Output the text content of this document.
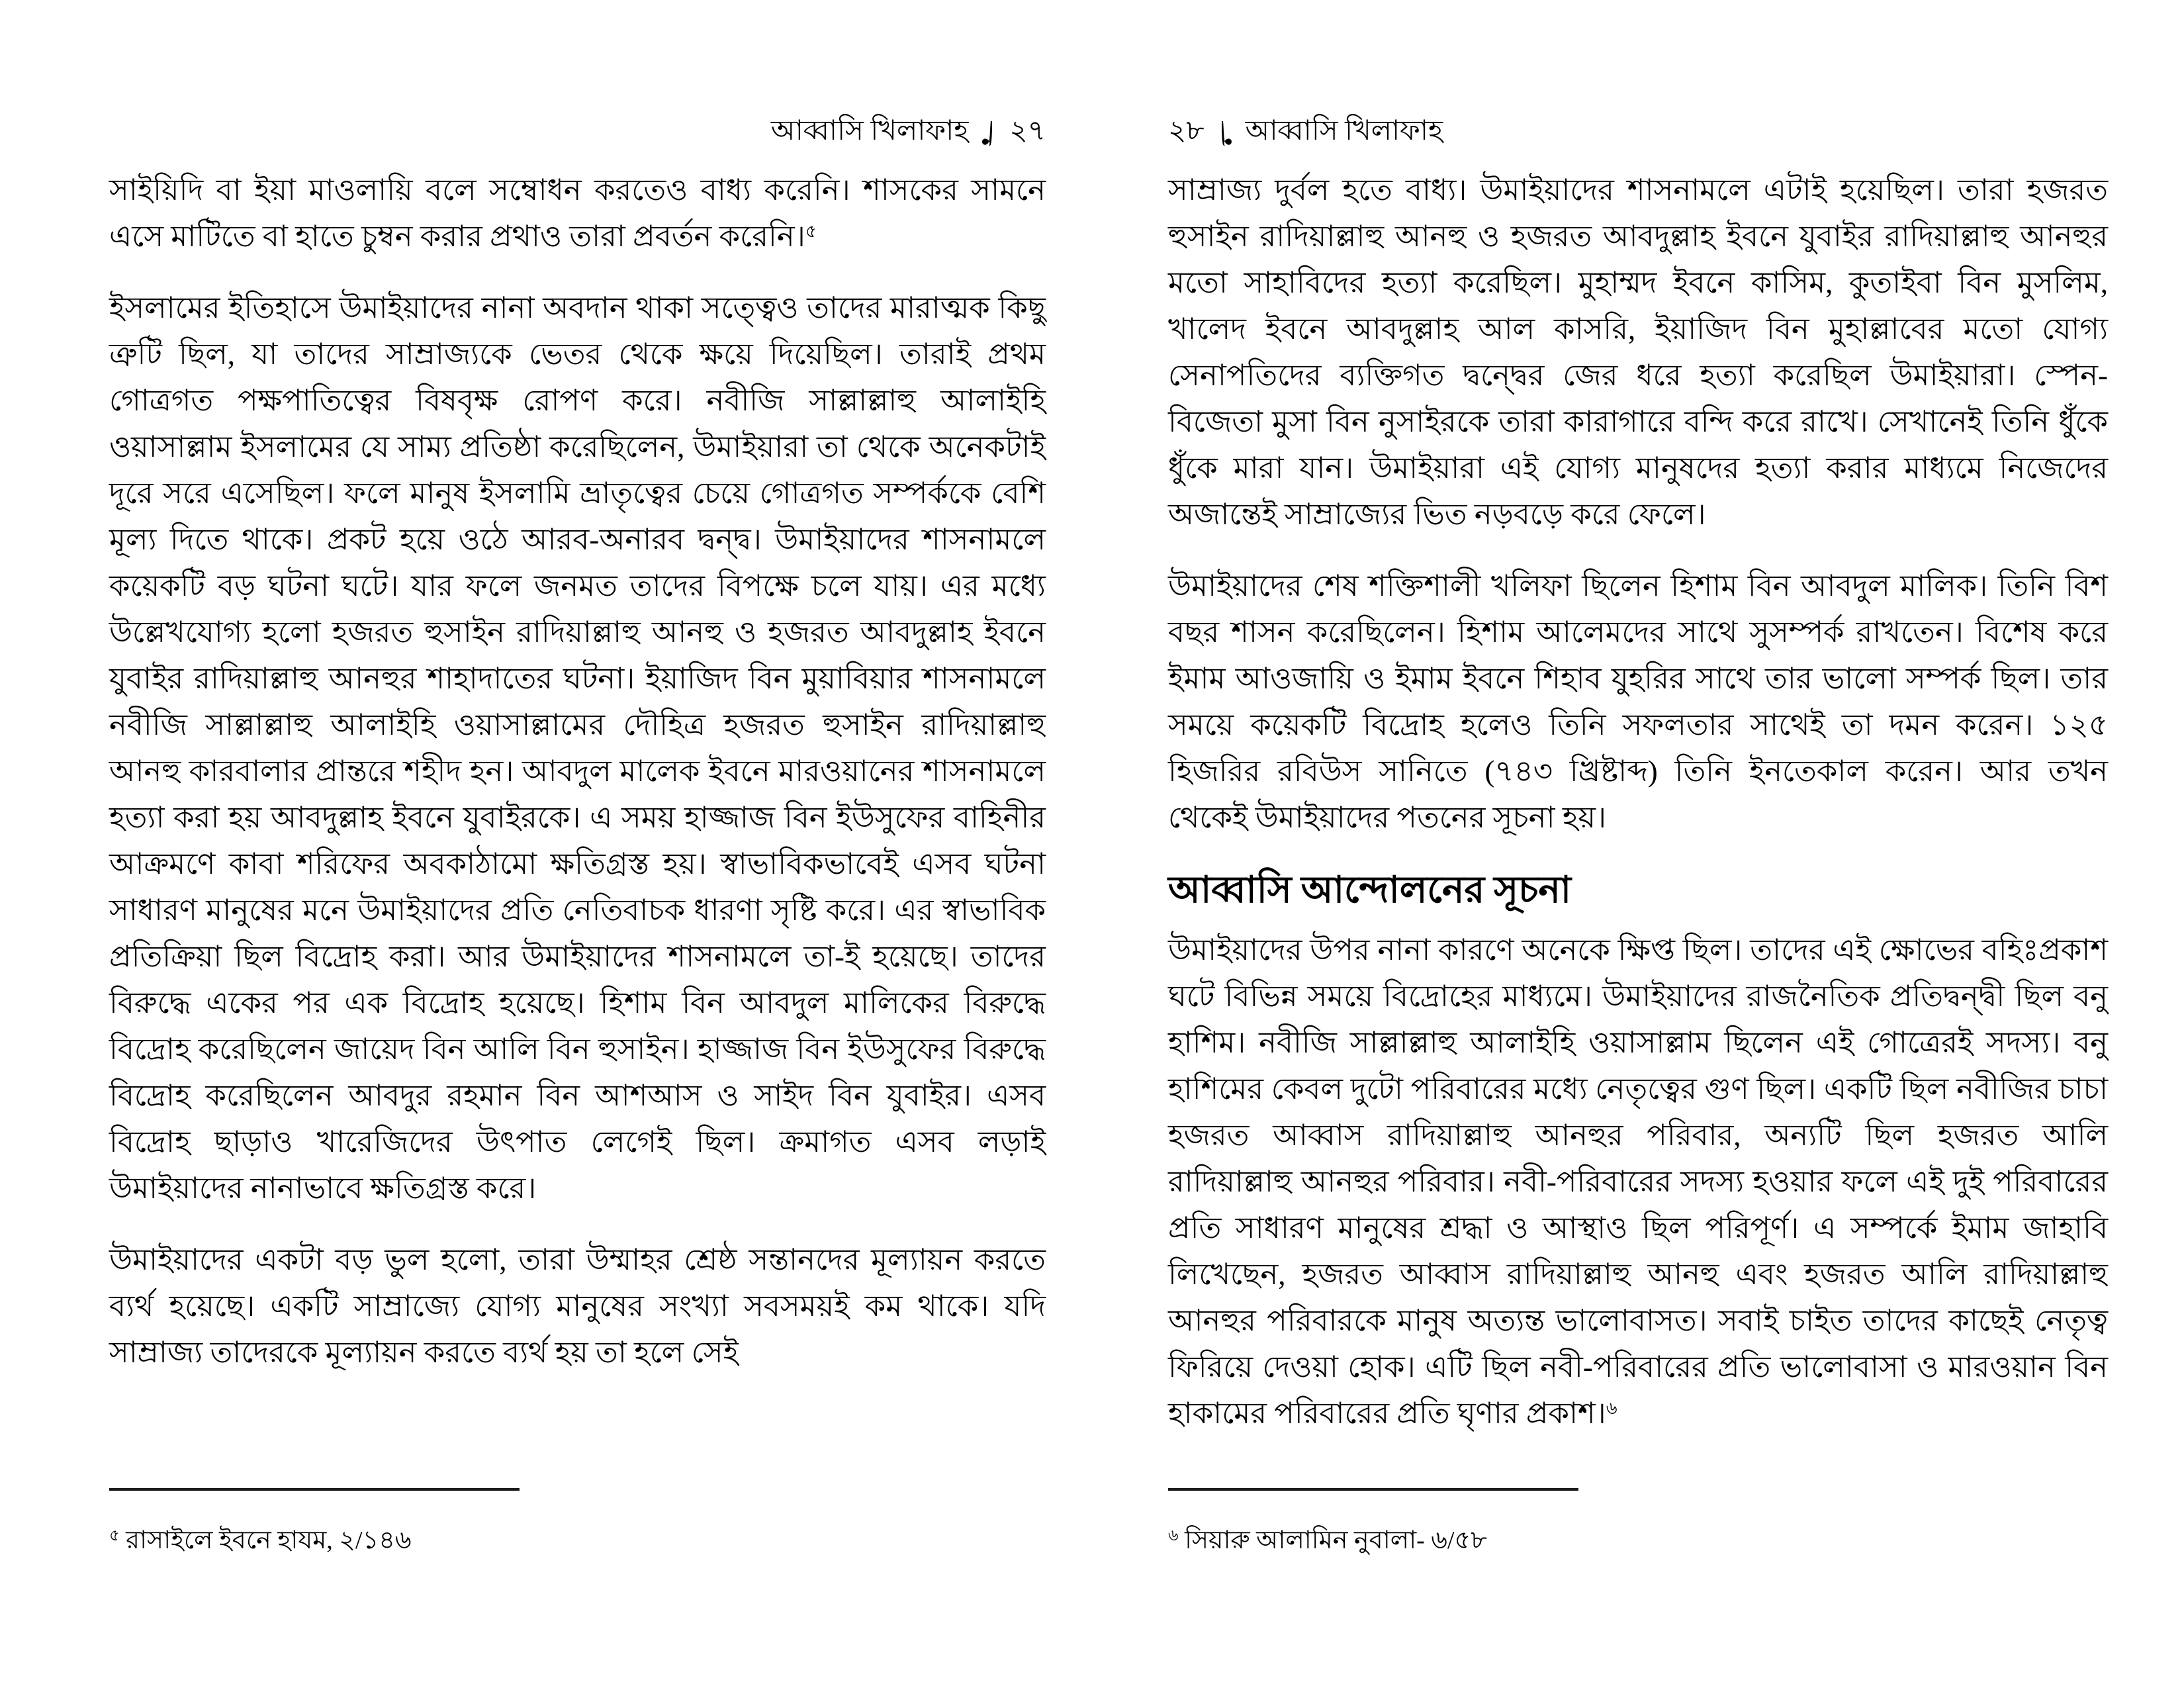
আব্বাসি খিলাফাহ ২৭

সাইয়িদি বা ইয়া মাওলায়ি বলে সম্বোধন করতেও বাধ্য করেনি। শাসকের সামনে এসে মাটিতে বা হাতে চুম্বন করার প্রথাও তারা প্রবর্তন করেনি।$^৫$

ইসলামের ইতিহাসে উমাইয়াদের নানা অবদান থাকা সত্ত্বেও তাদের মারাত্মক কিছু ত্রুটি ছিল, যা তাদের সাম্রাজ্যকে ভেতর থেকে ক্ষয়ে দিয়েছিল। তারাই প্রথম গোত্রগত পক্ষপাতিত্বের বিষবৃক্ষ রোপণ করে। নবীজি সাল্লাল্লাহু আলাইহি ওয়াসাল্লাম ইসলামের যে সাম্য প্রতিষ্ঠা করেছিলেন, উমাইয়ারা তা থেকে অনেকটাই দূরে সরে এসেছিল। ফলে মানুষ ইসলামি ভ্রাতৃত্বের চেয়ে গোত্রগত সম্পর্ককে বেশি মূল্য দিতে থাকে। প্রকট হয়ে ওঠে আরব-অনারব দ্বন্দ্ব। উমাইয়াদের শাসনামলে কয়েকটি বড় ঘটনা ঘটে। যার ফলে জনমত তাদের বিপক্ষে চলে যায়। এর মধ্যে উল্লেখযোগ্য হলো হজরত হুসাইন রাদিয়াল্লাহু আনহু ও হজরত আবদুল্লাহ ইবনে যুবাইর রাদিয়াল্লাহু আনহুর শাহাদাতের ঘটনা। ইয়াজিদ বিন মুয়াবিয়ার শাসনামলে নবীজি সাল্লাল্লাহু আলাইহি ওয়াসাল্লামের দৌহিত্র হজরত হুসাইন রাদিয়াল্লাহু আনহু কারবালার প্রান্তরে শহীদ হন। আবদুল মালেক ইবনে মারওয়ানের শাসনামলে হত্যা করা হয় আবদুল্লাহ ইবনে যুবাইরকে। এ সময় হাজ্জাজ বিন ইউসুফের বাহিনীর আক্রমণে কাবা শরিফের অবকাঠামো ক্ষতিগ্রস্ত হয়। স্বাভাবিকভাবেই এসব ঘটনা সাধারণ মানুষের মনে উমাইয়াদের প্রতি নেতিবাচক ধারণা সৃষ্টি করে। এর স্বাভাবিক প্রতিক্রিয়া ছিল বিদ্রোহ করা। আর উমাইয়াদের শাসনামলে তা-ই হয়েছে। তাদের বিরুদ্ধে একের পর এক বিদ্রোহ হয়েছে। হিশাম বিন আবদুল মালিকের বিরুদ্ধে বিদ্রোহ করেছিলেন জায়েদ বিন আলি বিন হুসাইন। হাজ্জাজ বিন ইউসুফের বিরুদ্ধে বিদ্রোহ করেছিলেন আবদুর রহমান বিন আশআস ও সাইদ বিন যুবাইর। এসব বিদ্রোহ ছাড়াও খারেজিদের উৎপাত লেগেই ছিল। ক্রমাগত এসব লড়াই উমাইয়াদের নানাভাবে ক্ষতিগ্রস্ত করে।

উমাইয়াদের একটা বড় ভুল হলো, তারা উম্মাহর শ্রেষ্ঠ সন্তানদের মূল্যায়ন করতে ব্যর্থ হয়েছে। একটি সাম্রাজ্যে যোগ্য মানুষের সংখ্যা সবসময়ই কম থাকে। যদি সাম্রাজ্য তাদেরকে মূল্যায়ন করতে ব্যর্থ হয় তা হলে সেই

$^৫$ রাসাইলে ইবনে হাযম, ২/১৪৬

২৮ আব্বাসি খিলাফাহ

সাম্রাজ্য দুর্বল হতে বাধ্য। উমাইয়াদের শাসনামলে এটাই হয়েছিল। তারা হজরত হুসাইন রাদিয়াল্লাহু আনহু ও হজরত আবদুল্লাহ ইবনে যুবাইর রাদিয়াল্লাহু আনহুর মতো সাহাবিদের হত্যা করেছিল। মুহাম্মদ ইবনে কাসিম, কুতাইবা বিন মুসলিম, খালেদ ইবনে আবদুল্লাহ আল কাসরি, ইয়াজিদ বিন মুহাল্লাবের মতো যোগ্য সেনাপতিদের ব্যক্তিগত দ্বন্দ্বের জের ধরে হত্যা করেছিল উমাইয়ারা। স্পেন-বিজেতা মুসা বিন নুসাইরকে তারা কারাগারে বন্দি করে রাখে। সেখানেই তিনি ধুঁকে ধুঁকে মারা যান। উমাইয়ারা এই যোগ্য মানুষদের হত্যা করার মাধ্যমে নিজেদের অজান্তেই সাম্রাজ্যের ভিত নড়বড়ে করে ফেলে।

উমাইয়াদের শেষ শক্তিশালী খলিফা ছিলেন হিশাম বিন আবদুল মালিক। তিনি বিশ বছর শাসন করেছিলেন। হিশাম আলেমদের সাথে সুসম্পর্ক রাখতেন। বিশেষ করে ইমাম আওজায়ি ও ইমাম ইবনে শিহাব যুহরির সাথে তার ভালো সম্পর্ক ছিল। তার সময়ে কয়েকটি বিদ্রোহ হলেও তিনি সফলতার সাথেই তা দমন করেন। ১২৫ হিজরির রবিউস সানিতে (৭৪৩ খ্রিষ্টাব্দ) তিনি ইনতেকাল করেন। আর তখন থেকেই উমাইয়াদের পতনের সূচনা হয়।

আব্বাসি আন্দোলনের সূচনা

উমাইয়াদের উপর নানা কারণে অনেকে ক্ষিপ্ত ছিল। তাদের এই ক্ষোভের বহিঃপ্রকাশ ঘটে বিভিন্ন সময়ে বিদ্রোহের মাধ্যমে। উমাইয়াদের রাজনৈতিক প্রতিদ্বন্দ্বী ছিল বনু হাশিম। নবীজি সাল্লাল্লাহু আলাইহি ওয়াসাল্লাম ছিলেন এই গোত্রেরই সদস্য। বনু হাশিমের কেবল দুটো পরিবারের মধ্যে নেতৃত্বের গুণ ছিল। একটি ছিল নবীজির চাচা হজরত আব্বাস রাদিয়াল্লাহু আনহুর পরিবার, অন্যটি ছিল হজরত আলি রাদিয়াল্লাহু আনহুর পরিবার। নবী-পরিবারের সদস্য হওয়ার ফলে এই দুই পরিবারের প্রতি সাধারণ মানুষের শ্রদ্ধা ও আস্থাও ছিল পরিপূর্ণ। এ সম্পর্কে ইমাম জাহাবি লিখেছেন, হজরত আব্বাস রাদিয়াল্লাহু আনহু এবং হজরত আলি রাদিয়াল্লাহু আনহুর পরিবারকে মানুষ অত্যন্ত ভালোবাসত। সবাই চাইত তাদের কাছেই নেতৃত্ব ফিরিয়ে দেওয়া হোক। এটি ছিল নবী-পরিবারের প্রতি ভালোবাসা ও মারওয়ান বিন হাকামের পরিবারের প্রতি ঘৃণার প্রকাশ।$^৬$

$^৬$ সিয়ারু আলামিন নুবালা- ৬/৫৮
